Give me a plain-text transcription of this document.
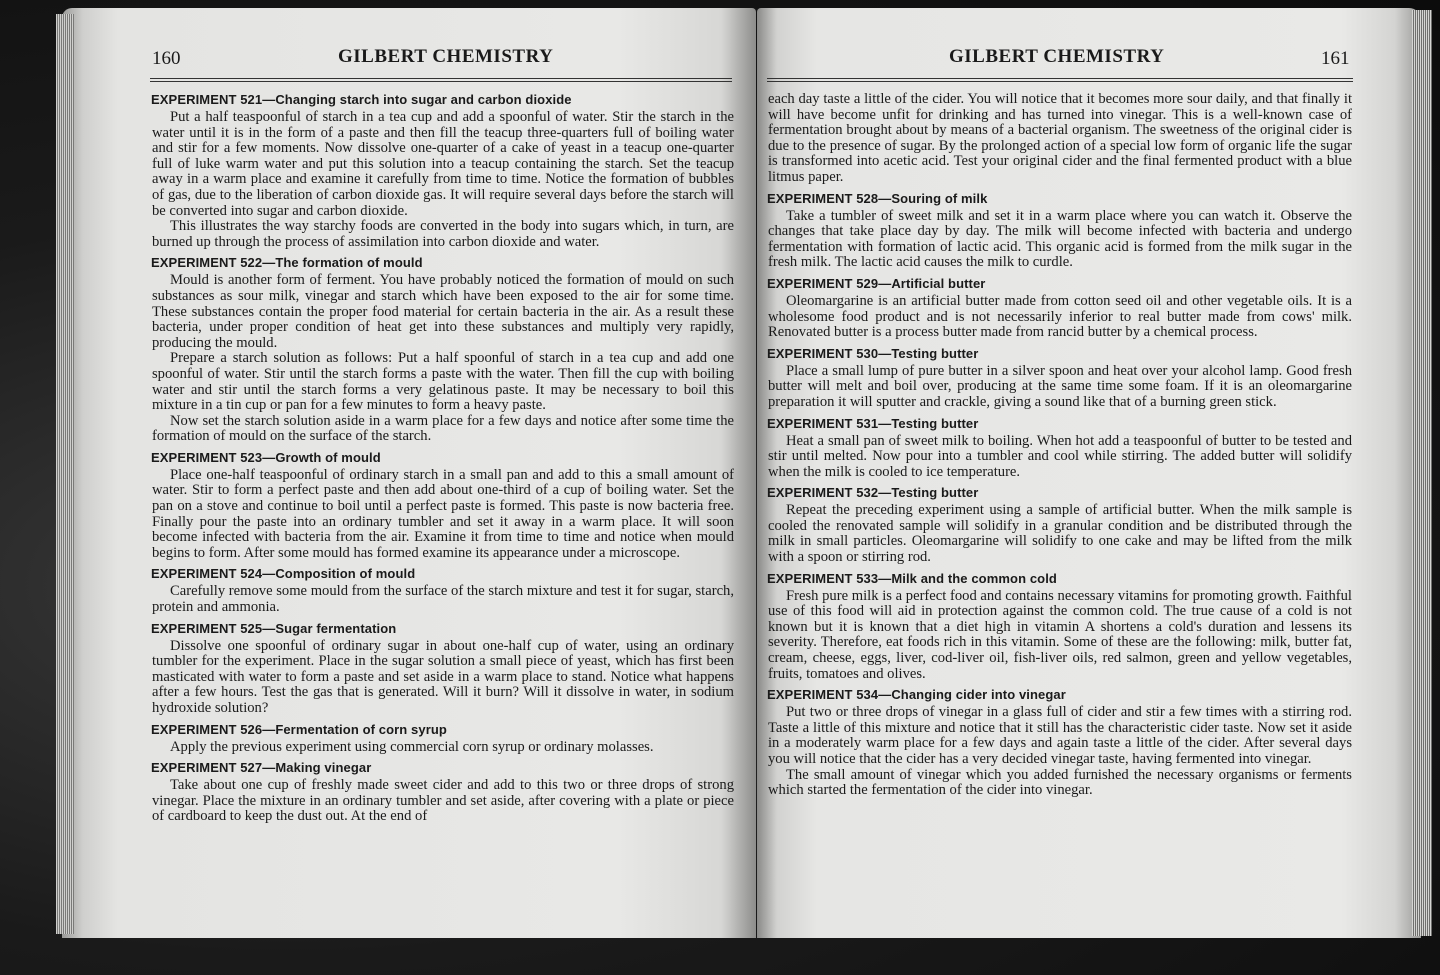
160	GILBERT CHEMISTRY
EXPERIMENT 521—Changing starch into sugar and carbon dioxide

Put a half teaspoonful of starch in a tea cup and add a spoonful of water. Stir the starch in the water until it is in the form of a paste and then fill the teacup three-quarters full of boiling water and stir for a few moments. Now dissolve one-quarter of a cake of yeast in a teacup one-quarter full of luke warm water and put this solution into a teacup containing the starch. Set the teacup away in a warm place and examine it carefully from time to time. Notice the formation of bubbles of gas, due to the liberation of carbon dioxide gas. It will require several days before the starch will be converted into sugar and carbon dioxide.

This illustrates the way starchy foods are converted in the body into sugars which, in turn, are burned up through the process of assimilation into carbon dioxide and water.

EXPERIMENT 522—The formation of mould

Mould is another form of ferment. You have probably noticed the formation of mould on such substances as sour milk, vinegar and starch which have been exposed to the air for some time. These substances contain the proper food material for certain bacteria in the air. As a result these bacteria, under proper condition of heat get into these substances and multiply very rapidly, producing the mould.

Prepare a starch solution as follows: Put a half spoonful of starch in a tea cup and add one spoonful of water. Stir until the starch forms a paste with the water. Then fill the cup with boiling water and stir until the starch forms a very gelatinous paste. It may be necessary to boil this mixture in a tin cup or pan for a few minutes to form a heavy paste.

Now set the starch solution aside in a warm place for a few days and notice after some time the formation of mould on the surface of the starch.

EXPERIMENT 523—Growth of mould

Place one-half teaspoonful of ordinary starch in a small pan and add to this a small amount of water. Stir to form a perfect paste and then add about one-third of a cup of boiling water. Set the pan on a stove and continue to boil until a perfect paste is formed. This paste is now bacteria free. Finally pour the paste into an ordinary tumbler and set it away in a warm place. It will soon become infected with bacteria from the air. Examine it from time to time and notice when mould begins to form. After some mould has formed examine its appearance under a microscope.

EXPERIMENT 524—Composition of mould

Carefully remove some mould from the surface of the starch mixture and test it for sugar, starch, protein and ammonia.

EXPERIMENT 525—Sugar fermentation

Dissolve one spoonful of ordinary sugar in about one-half cup of water, using an ordinary tumbler for the experiment. Place in the sugar solution a small piece of yeast, which has first been masticated with water to form a paste and set aside in a warm place to stand. Notice what happens after a few hours. Test the gas that is generated. Will it burn? Will it dissolve in water, in sodium hydroxide solution?

EXPERIMENT 526—Fermentation of corn syrup

Apply the previous experiment using commercial corn syrup or ordinary molasses.

EXPERIMENT 527—Making vinegar

Take about one cup of freshly made sweet cider and add to this two or three drops of strong vinegar. Place the mixture in an ordinary tumbler and set aside, after covering with a plate or piece of cardboard to keep the dust out. At the end of

GILBERT CHEMISTRY	161

each day taste a little of the cider. You will notice that it becomes more sour daily, and that finally it will have become unfit for drinking and has turned into vinegar. This is a well-known case of fermentation brought about by means of a bacterial organism. The sweetness of the original cider is due to the presence of sugar. By the prolonged action of a special low form of organic life the sugar is transformed into acetic acid. Test your original cider and the final fermented product with a blue litmus paper.

EXPERIMENT 528—Souring of milk

Take a tumbler of sweet milk and set it in a warm place where you can watch it. Observe the changes that take place day by day. The milk will become infected with bacteria and undergo fermentation with formation of lactic acid. This organic acid is formed from the milk sugar in the fresh milk. The lactic acid causes the milk to curdle.

EXPERIMENT 529—Artificial butter

Oleomargarine is an artificial butter made from cotton seed oil and other vegetable oils. It is a wholesome food product and is not necessarily inferior to real butter made from cows' milk. Renovated butter is a process butter made from rancid butter by a chemical process.

EXPERIMENT 530—Testing butter

Place a small lump of pure butter in a silver spoon and heat over your alcohol lamp. Good fresh butter will melt and boil over, producing at the same time some foam. If it is an oleomargarine preparation it will sputter and crackle, giving a sound like that of a burning green stick.

EXPERIMENT 531—Testing butter

Heat a small pan of sweet milk to boiling. When hot add a teaspoonful of butter to be tested and stir until melted. Now pour into a tumbler and cool while stirring. The added butter will solidify when the milk is cooled to ice temperature.

EXPERIMENT 532—Testing butter

Repeat the preceding experiment using a sample of artificial butter. When the milk sample is cooled the renovated sample will solidify in a granular condition and be distributed through the milk in small particles. Oleomargarine will solidify to one cake and may be lifted from the milk with a spoon or stirring rod.

EXPERIMENT 533—Milk and the common cold

Fresh pure milk is a perfect food and contains necessary vitamins for promoting growth. Faithful use of this food will aid in protection against the common cold. The true cause of a cold is not known but it is known that a diet high in vitamin A shortens a cold's duration and lessens its severity. Therefore, eat foods rich in this vitamin. Some of these are the following: milk, butter fat, cream, cheese, eggs, liver, cod-liver oil, fish-liver oils, red salmon, green and yellow vegetables, fruits, tomatoes and olives.

EXPERIMENT 534—Changing cider into vinegar

Put two or three drops of vinegar in a glass full of cider and stir a few times with a stirring rod. Taste a little of this mixture and notice that it still has the characteristic cider taste. Now set it aside in a moderately warm place for a few days and again taste a little of the cider. After several days you will notice that the cider has a very decided vinegar taste, having fermented into vinegar.

The small amount of vinegar which you added furnished the necessary organisms or ferments which started the fermentation of the cider into vinegar.
